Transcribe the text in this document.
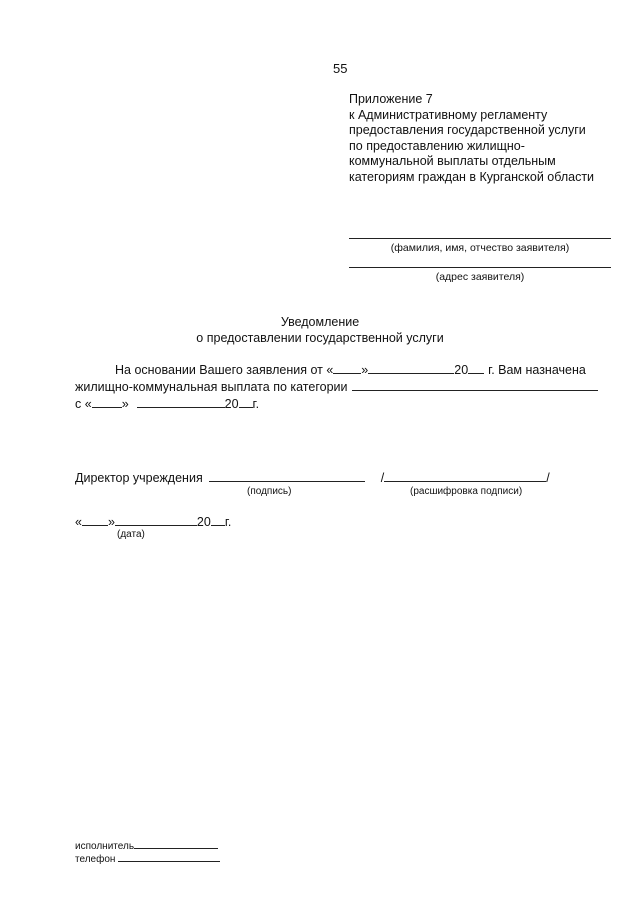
55
Приложение 7
к Административному регламенту
предоставления государственной услуги
по предоставлению жилищно-
коммунальной выплаты отдельным
категориям граждан в Курганской области
(фамилия, имя, отчество заявителя)
(адрес заявителя)
Уведомление
о предоставлении государственной услуги
На основании Вашего заявления от « »	20 г. Вам назначена
жилищно-коммунальная выплата по категории
с « »	20 г.
Директор учреждения	/	/
(подпись)	(расшифровка подписи)
« »	20 г.
(дата)
исполнитель
телефон
